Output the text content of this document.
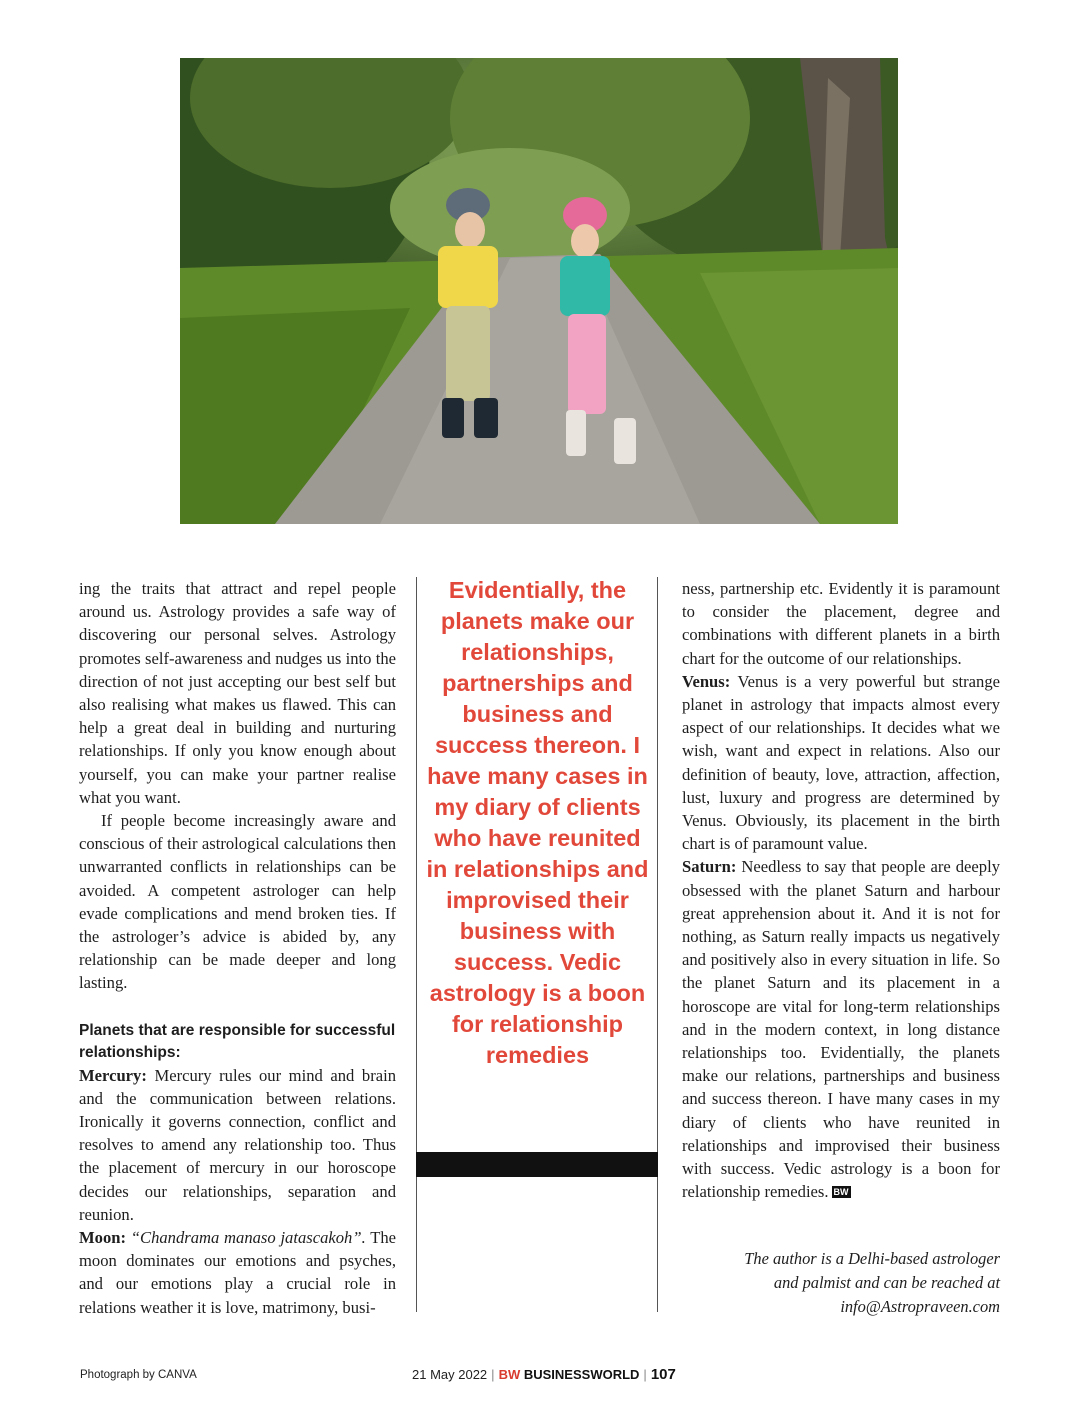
ing the traits that attract and repel people around us. Astrology provides a safe way of discovering our personal selves. Astrology promotes self-awareness and nudges us into the direction of not just accepting our best self but also realising what makes us flawed. This can help a great deal in building and nurturing relationships. If only you know enough about yourself, you can make your partner realise what you want.

If people become increasingly aware and conscious of their astrological calculations then unwarranted conflicts in relationships can be avoided. A competent astrologer can help evade complications and mend broken ties. If the astrologer’s advice is abided by, any relationship can be made deeper and long lasting.

Planets that are responsible for successful relationships:

Mercury: Mercury rules our mind and brain and the communication between relations. Ironically it governs connection, conflict and resolves to amend any relationship too. Thus the placement of mercury in our horoscope decides our relationships, separation and reunion.

Moon: “Chandrama manaso jatascakoh”. The moon dominates our emotions and psyches, and our emotions play a crucial role in relations weather it is love, matrimony, busi-

Evidentially, the planets make our relationships, partnerships and business and success thereon. I have many cases in my diary of clients who have reunited in relationships and improvised their business with success. Vedic astrology is a boon for relationship remedies

ness, partnership etc. Evidently it is paramount to consider the placement, degree and combinations with different planets in a birth chart for the outcome of our relationships.

Venus: Venus is a very powerful but strange planet in astrology that impacts almost every aspect of our relationships. It decides what we wish, want and expect in relations. Also our definition of beauty, love, attraction, affection, lust, luxury and progress are determined by Venus. Obviously, its placement in the birth chart is of paramount value.

Saturn: Needless to say that people are deeply obsessed with the planet Saturn and harbour great apprehension about it. And it is not for nothing, as Saturn really impacts us negatively and positively also in every situation in life. So the planet Saturn and its placement in a horoscope are vital for long-term relationships and in the modern context, in long distance relationships too. Evidentially, the planets make our relations, partnerships and business and success thereon. I have many cases in my diary of clients who have reunited in relationships and improvised their business with success. Vedic astrology is a boon for relationship remedies. BW

The author is a Delhi-based astrologer

and palmist and can be reached at

info@Astropraveen.com

Photograph by CANVA	21 May 2022 | BW BUSINESSWORLD | 107
